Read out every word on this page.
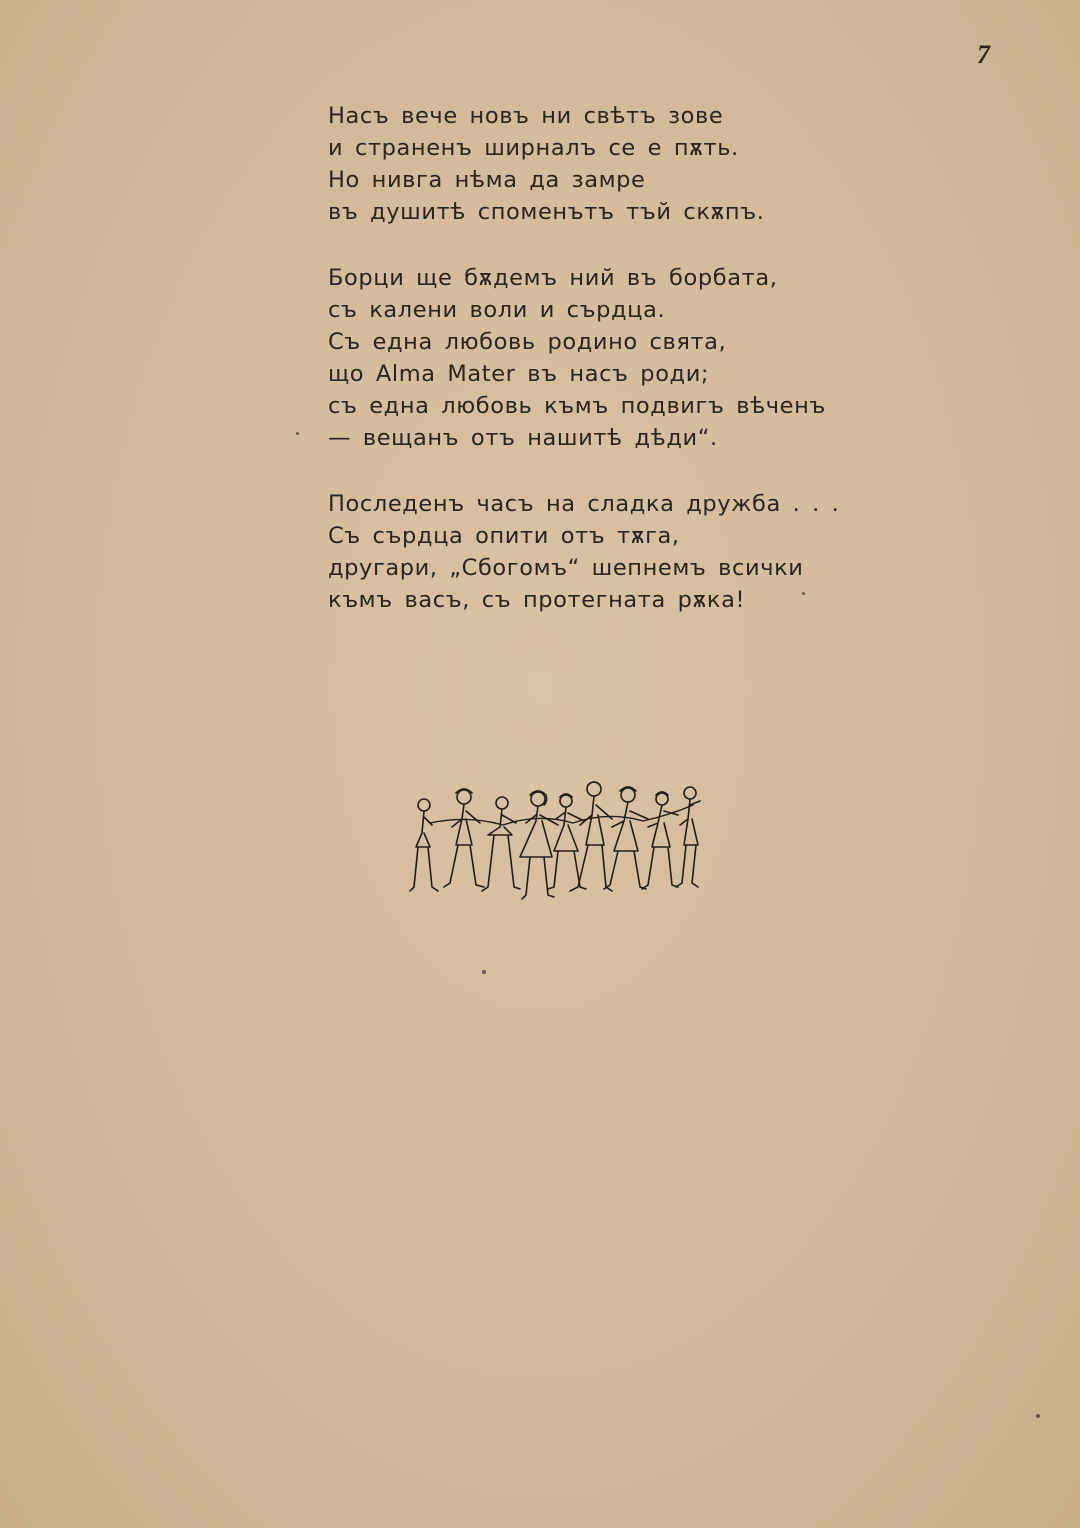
7
Насъ вече новъ ни свѣтъ зове
и страненъ ширналъ се е пѫть.
Но нивга нѣма да замре
въ душитѣ споменътъ тъй скѫпъ.
Борци ще бѫдемъ ний въ борбата,
съ калени воли и сърдца.
Съ една любовь родино свята,
що Alma Mater въ насъ роди;
съ една любовь къмъ подвигъ вѣченъ
— вещанъ отъ нашитѣ дѣди“.
Последенъ часъ на сладка дружба . . .
Съ сърдца опити отъ тѫга,
другари, „Сбогомъ“ шепнемъ всички
къмъ васъ, съ протегната рѫка!
